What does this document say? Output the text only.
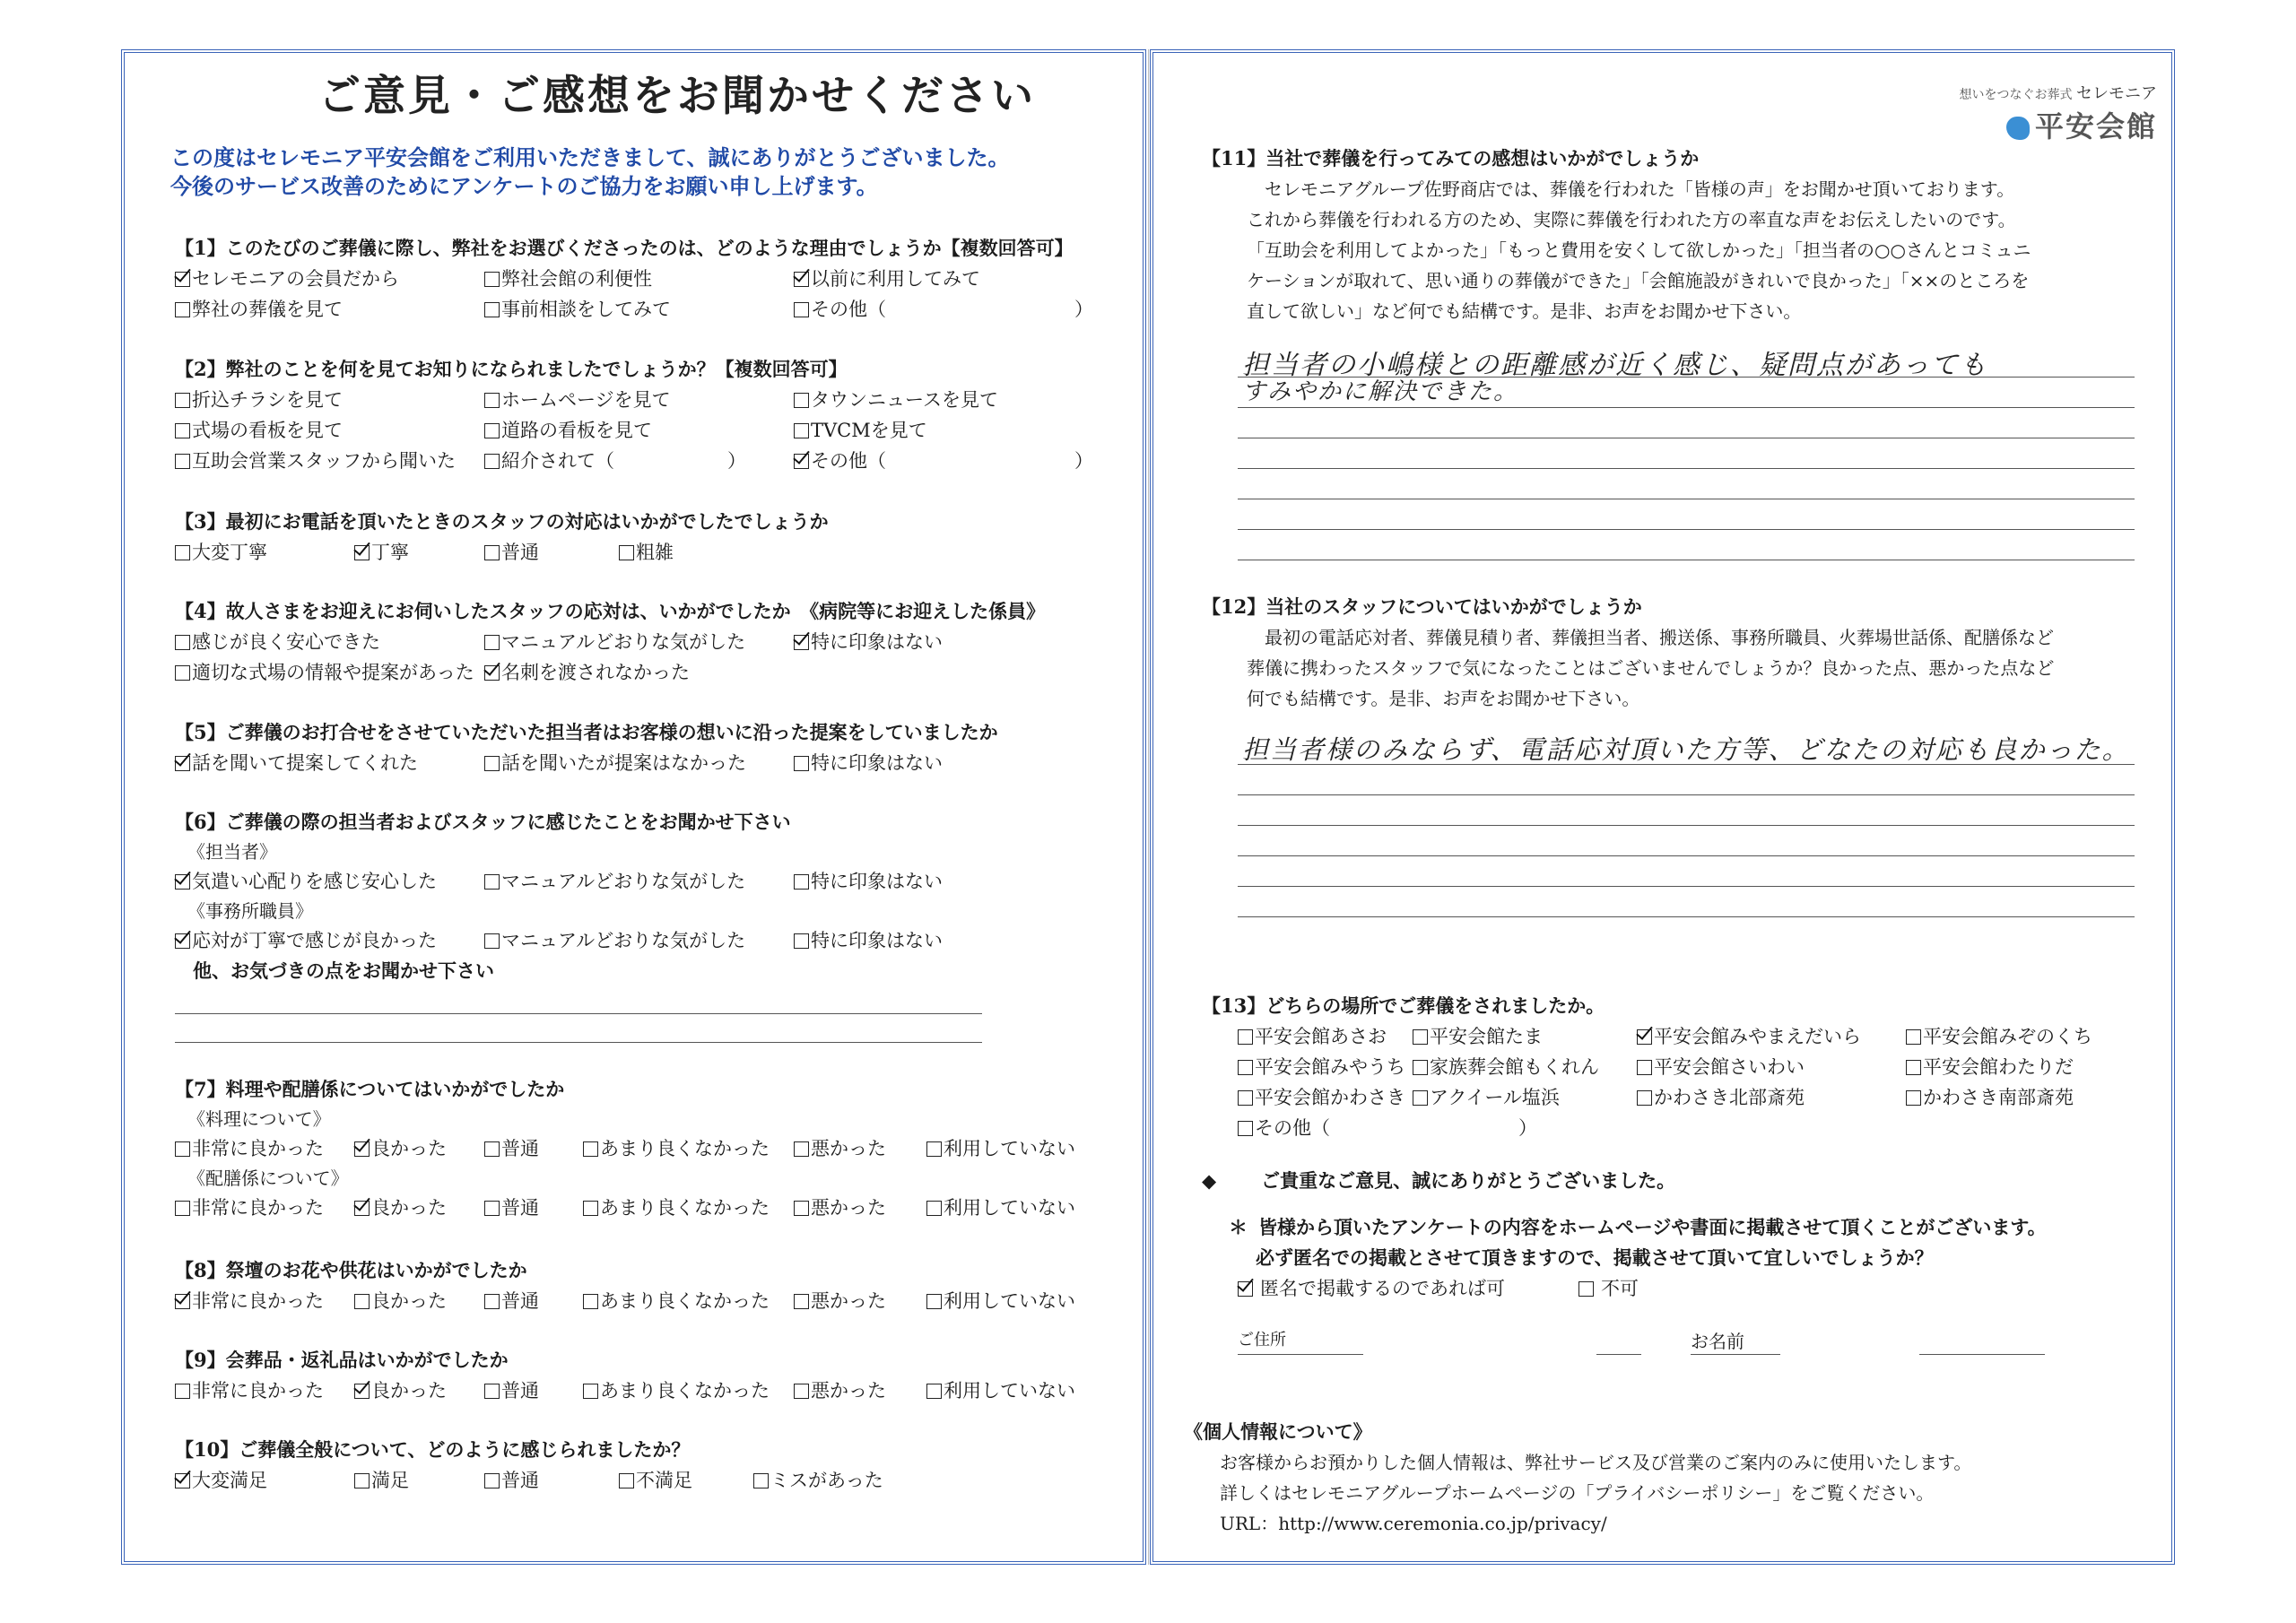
ご意見・ご感想をお聞かせください
この度はセレモニア平安会館をご利用いただきまして、誠にありがとうございました。
今後のサービス改善のためにアンケートのご協力をお願い申し上げます。
【1】このたびのご葬儀に際し、弊社をお選びくださったのは、どのような理由でしょうか【複数回答可】
セレモニアの会員だから	弊社会館の利便性	以前に利用してみて
弊社の葬儀を見て	事前相談をしてみて	その他（　　　　　　　　　　）
【2】弊社のことを何を見てお知りになられましたでしょうか？【複数回答可】
折込チラシを見て	ホームページを見て	タウンニュースを見て
式場の看板を見て	道路の看板を見て	TVCMを見て
互助会営業スタッフから聞いた	紹介されて（　　　　　　）	その他（　　　　　　　　　　）
【3】最初にお電話を頂いたときのスタッフの対応はいかがでしたでしょうか
大変丁寧	丁寧	普通	粗雑
【4】故人さまをお迎えにお伺いしたスタッフの応対は、いかがでしたか　《病院等にお迎えした係員》
感じが良く安心できた	マニュアルどおりな気がした	特に印象はない
適切な式場の情報や提案があった	名刺を渡されなかった
【5】ご葬儀のお打合せをさせていただいた担当者はお客様の想いに沿った提案をしていましたか
話を聞いて提案してくれた	話を聞いたが提案はなかった	特に印象はない
【6】ご葬儀の際の担当者およびスタッフに感じたことをお聞かせ下さい
《担当者》
気遣い心配りを感じ安心した	マニュアルどおりな気がした	特に印象はない
《事務所職員》
応対が丁寧で感じが良かった	マニュアルどおりな気がした	特に印象はない
他、お気づきの点をお聞かせ下さい
【7】料理や配膳係についてはいかがでしたか
《料理について》
非常に良かった	良かった	普通	あまり良くなかった	悪かった	利用していない
《配膳係について》
非常に良かった	良かった	普通	あまり良くなかった	悪かった	利用していない
【8】祭壇のお花や供花はいかがでしたか
非常に良かった	良かった	普通	あまり良くなかった	悪かった	利用していない
【9】会葬品・返礼品はいかがでしたか
非常に良かった	良かった	普通	あまり良くなかった	悪かった	利用していない
【10】ご葬儀全般について、どのように感じられましたか？
大変満足	満足	普通	不満足	ミスがあった
想いをつなぐお葬式 セレモニア
平安会館
【11】当社で葬儀を行ってみての感想はいかがでしょうか
セレモニアグループ佐野商店では、葬儀を行われた「皆様の声」をお聞かせ頂いております。
これから葬儀を行われる方のため、実際に葬儀を行われた方の率直な声をお伝えしたいのです。
「互助会を利用してよかった」「もっと費用を安くして欲しかった」「担当者の○○さんとコミュニ
ケーションが取れて、思い通りの葬儀ができた」「会館施設がきれいで良かった」「××のところを
直して欲しい」など何でも結構です。是非、お声をお聞かせ下さい。
担当者の小嶋様との距離感が近く感じ、疑問点があっても
すみやかに解決できた。
【12】当社のスタッフについてはいかがでしょうか
最初の電話応対者、葬儀見積り者、葬儀担当者、搬送係、事務所職員、火葬場世話係、配膳係など
葬儀に携わったスタッフで気になったことはございませんでしょうか？良かった点、悪かった点など
何でも結構です。是非、お声をお聞かせ下さい。
担当者様のみならず、電話応対頂いた方等、どなたの対応も良かった。
【13】どちらの場所でご葬儀をされましたか。
平安会館あさお	平安会館たま	平安会館みやまえだいら	平安会館みぞのくち
平安会館みやうち	家族葬会館もくれん	平安会館さいわい	平安会館わたりだ
平安会館かわさき	アクイール塩浜	かわさき北部斎苑	かわさき南部斎苑
その他（　　　　　　　　　　）
◆ ご貴重なご意見、誠にありがとうございました。
＊ 皆様から頂いたアンケートの内容をホームページや書面に掲載させて頂くことがございます。
必ず匿名での掲載とさせて頂きますので、掲載させて頂いて宜しいでしょうか？
匿名で掲載するのであれば可	不可
ご住所	お名前
《個人情報について》
お客様からお預かりした個人情報は、弊社サービス及び営業のご案内のみに使用いたします。
詳しくはセレモニアグループホームページの「プライバシーポリシー」をご覧ください。
URL：http://www.ceremonia.co.jp/privacy/
